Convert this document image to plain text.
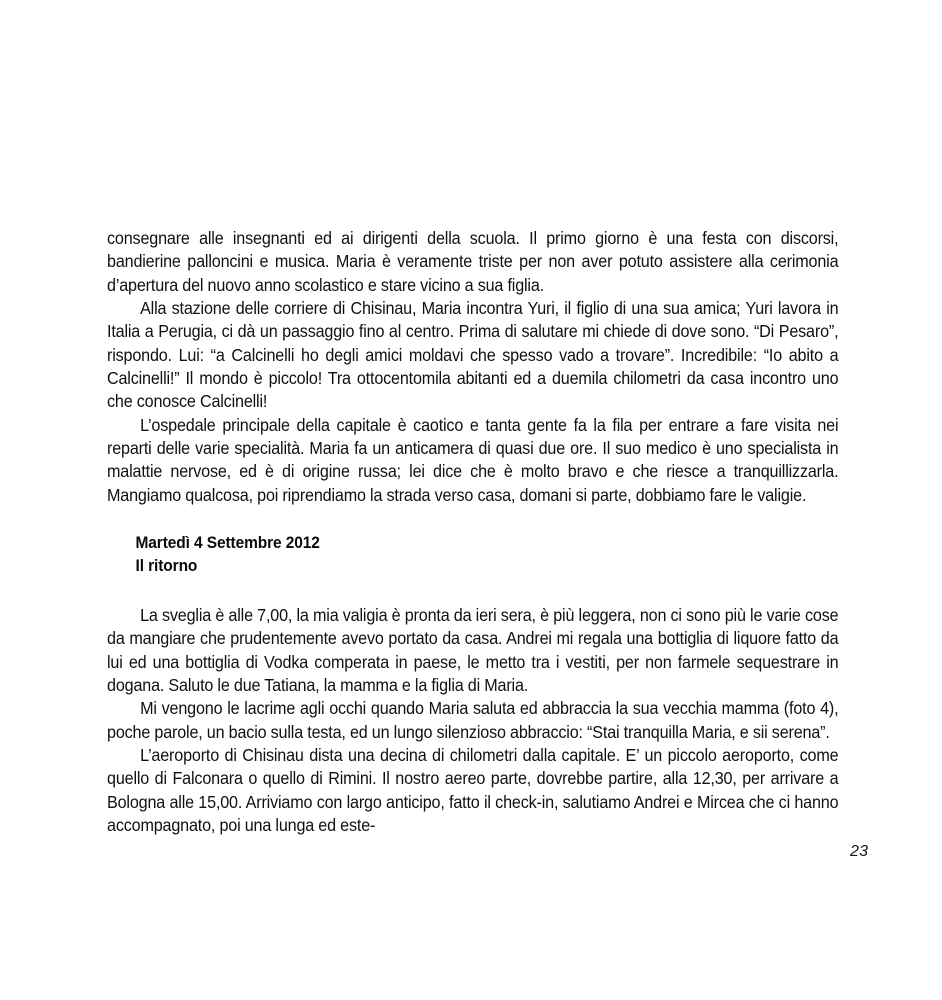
consegnare alle insegnanti ed ai dirigenti della scuola. Il primo giorno è una festa con discorsi, bandierine palloncini e musica. Maria è veramente triste per non aver potuto assistere alla cerimonia d’apertura del nuovo anno scolastico e stare vicino a sua figlia.

Alla stazione delle corriere di Chisinau, Maria incontra Yuri, il figlio di una sua amica; Yuri lavora in Italia a Perugia, ci dà un passaggio fino al centro. Prima di salutare mi chiede di dove sono. “Di Pesaro”, rispondo. Lui: “a Calcinelli ho degli amici moldavi che spesso vado a trovare”. Incredibile: “Io abito a Calcinelli!” Il mondo è piccolo! Tra ottocentomila abitanti ed a duemila chilometri da casa incontro uno che conosce Calcinelli!

L’ospedale principale della capitale è caotico e tanta gente fa la fila per entrare a fare visita nei reparti delle varie specialità. Maria fa un anticamera di quasi due ore. Il suo medico è uno specialista in malattie nervose, ed è di origine russa; lei dice che è molto bravo e che riesce a tranquillizzarla. Mangiamo qualcosa, poi riprendiamo la strada verso casa, domani si parte, dobbiamo fare le valigie.

Martedì 4 Settembre 2012
Il ritorno

La sveglia è alle 7,00, la mia valigia è pronta da ieri sera, è più leggera, non ci sono più le varie cose da mangiare che prudentemente avevo portato da casa. Andrei mi regala una bottiglia di liquore fatto da lui ed una bottiglia di Vodka comperata in paese, le metto tra i vestiti, per non farmele sequestrare in dogana. Saluto le due Tatiana, la mamma e la figlia di Maria.

Mi vengono le lacrime agli occhi quando Maria saluta ed abbraccia la sua vecchia mamma (foto 4), poche parole, un bacio sulla testa, ed un lungo silenzioso abbraccio: “Stai tranquilla Maria, e sii serena”.

L’aeroporto di Chisinau dista una decina di chilometri dalla capitale. E’ un piccolo aeroporto, come quello di Falconara o quello di Rimini. Il nostro aereo parte, dovrebbe partire, alla 12,30, per arrivare a Bologna alle 15,00. Arriviamo con largo anticipo, fatto il check-in, salutiamo Andrei e Mircea che ci hanno accompagnato, poi una lunga ed este-

23
